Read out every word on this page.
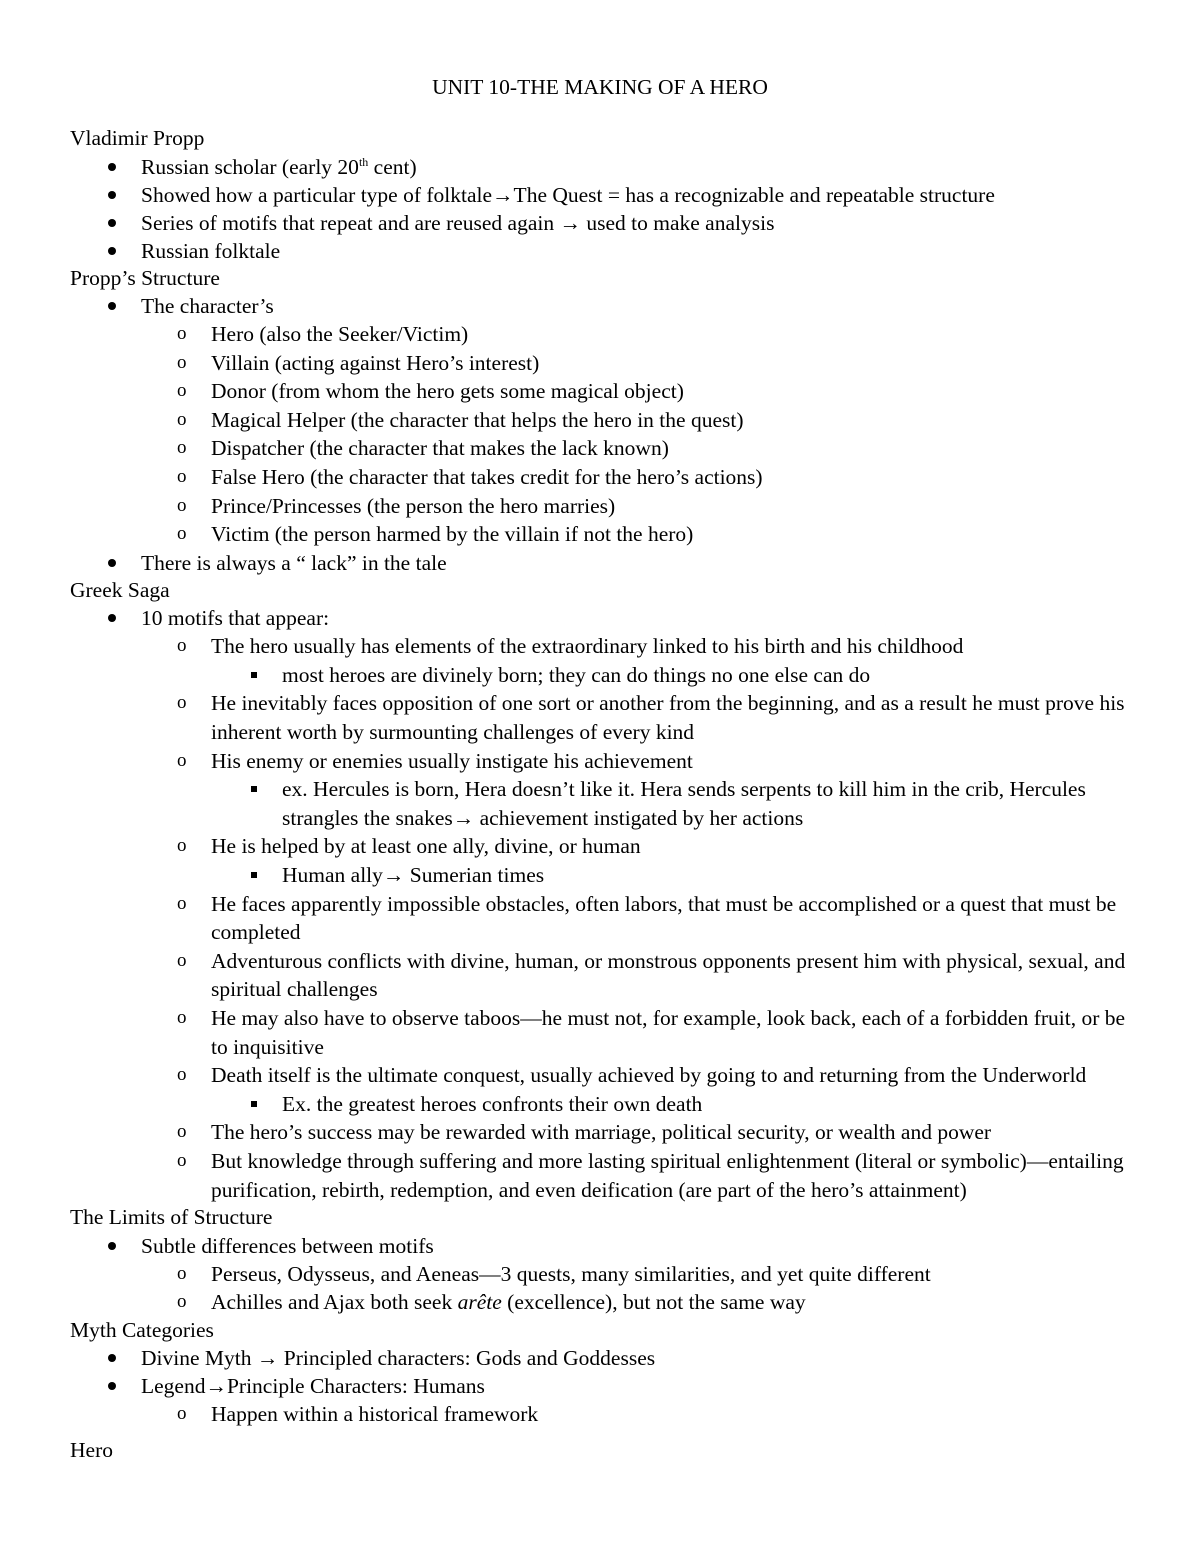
UNIT 10-THE MAKING OF A HERO
Vladimir Propp
Russian scholar (early 20th cent)
Showed how a particular type of folktale→The Quest = has a recognizable and repeatable structure
Series of motifs that repeat and are reused again → used to make analysis
Russian folktale
Propp’s Structure
The character’s
o Hero (also the Seeker/Victim)
o Villain (acting against Hero’s interest)
o Donor (from whom the hero gets some magical object)
o Magical Helper (the character that helps the hero in the quest)
o Dispatcher (the character that makes the lack known)
o False Hero (the character that takes credit for the hero’s actions)
o Prince/Princesses (the person the hero marries)
o Victim (the person harmed by the villain if not the hero)
There is always a “ lack” in the tale
Greek Saga
10 motifs that appear:
o The hero usually has elements of the extraordinary linked to his birth and his childhood
most heroes are divinely born; they can do things no one else can do
o He inevitably faces opposition of one sort or another from the beginning, and as a result he must prove his inherent worth by surmounting challenges of every kind
o His enemy or enemies usually instigate his achievement
ex. Hercules is born, Hera doesn’t like it. Hera sends serpents to kill him in the crib, Hercules strangles the snakes→ achievement instigated by her actions
o He is helped by at least one ally, divine, or human
Human ally→ Sumerian times
o He faces apparently impossible obstacles, often labors, that must be accomplished or a quest that must be completed
o Adventurous conflicts with divine, human, or monstrous opponents present him with physical, sexual, and spiritual challenges
o He may also have to observe taboos—he must not, for example, look back, each of a forbidden fruit, or be to inquisitive
o Death itself is the ultimate conquest, usually achieved by going to and returning from the Underworld
Ex. the greatest heroes confronts their own death
o The hero’s success may be rewarded with marriage, political security, or wealth and power
o But knowledge through suffering and more lasting spiritual enlightenment (literal or symbolic)—entailing purification, rebirth, redemption, and even deification (are part of the hero’s attainment)
The Limits of Structure
Subtle differences between motifs
o Perseus, Odysseus, and Aeneas—3 quests, many similarities, and yet quite different
o Achilles and Ajax both seek arête (excellence), but not the same way
Myth Categories
Divine Myth → Principled characters: Gods and Goddesses
Legend→Principle Characters: Humans
o Happen within a historical framework
Hero
